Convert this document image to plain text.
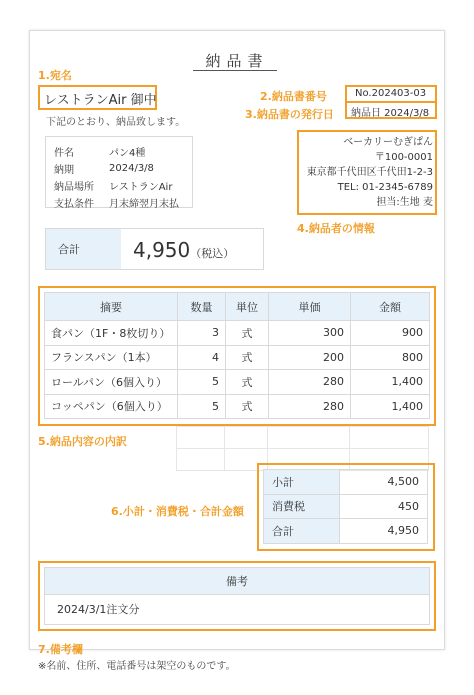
納品書
1.宛名
レストランAir 御中
下記のとおり、納品致します。
2.納品書番号
3.納品書の発行日
No.202403-03
納品日 2024/3/8
件名	パン4種
納期	2024/3/8
納品場所	レストランAir
支払条件	月末締翌月末払
ベーカリーむぎぱん
〒100-0001
東京都千代田区千代田1-2-3
TEL: 01-2345-6789
担当:生地 麦
4.納品者の情報
合計	4,950（税込）
摘要	数量	単位	単価	金額
食パン（1F・8枚切り）	3	式	300	900
フランスパン（1本）	4	式	200	800
ロールパン（6個入り）	5	式	280	1,400
コッペパン（6個入り）	5	式	280	1,400

5.納品内容の内訳
6.小計・消費税・合計金額
小計	4,500
消費税	450
合計	4,950
備考
2024/3/1注文分
7.備考欄
※名前、住所、電話番号は架空のものです。
